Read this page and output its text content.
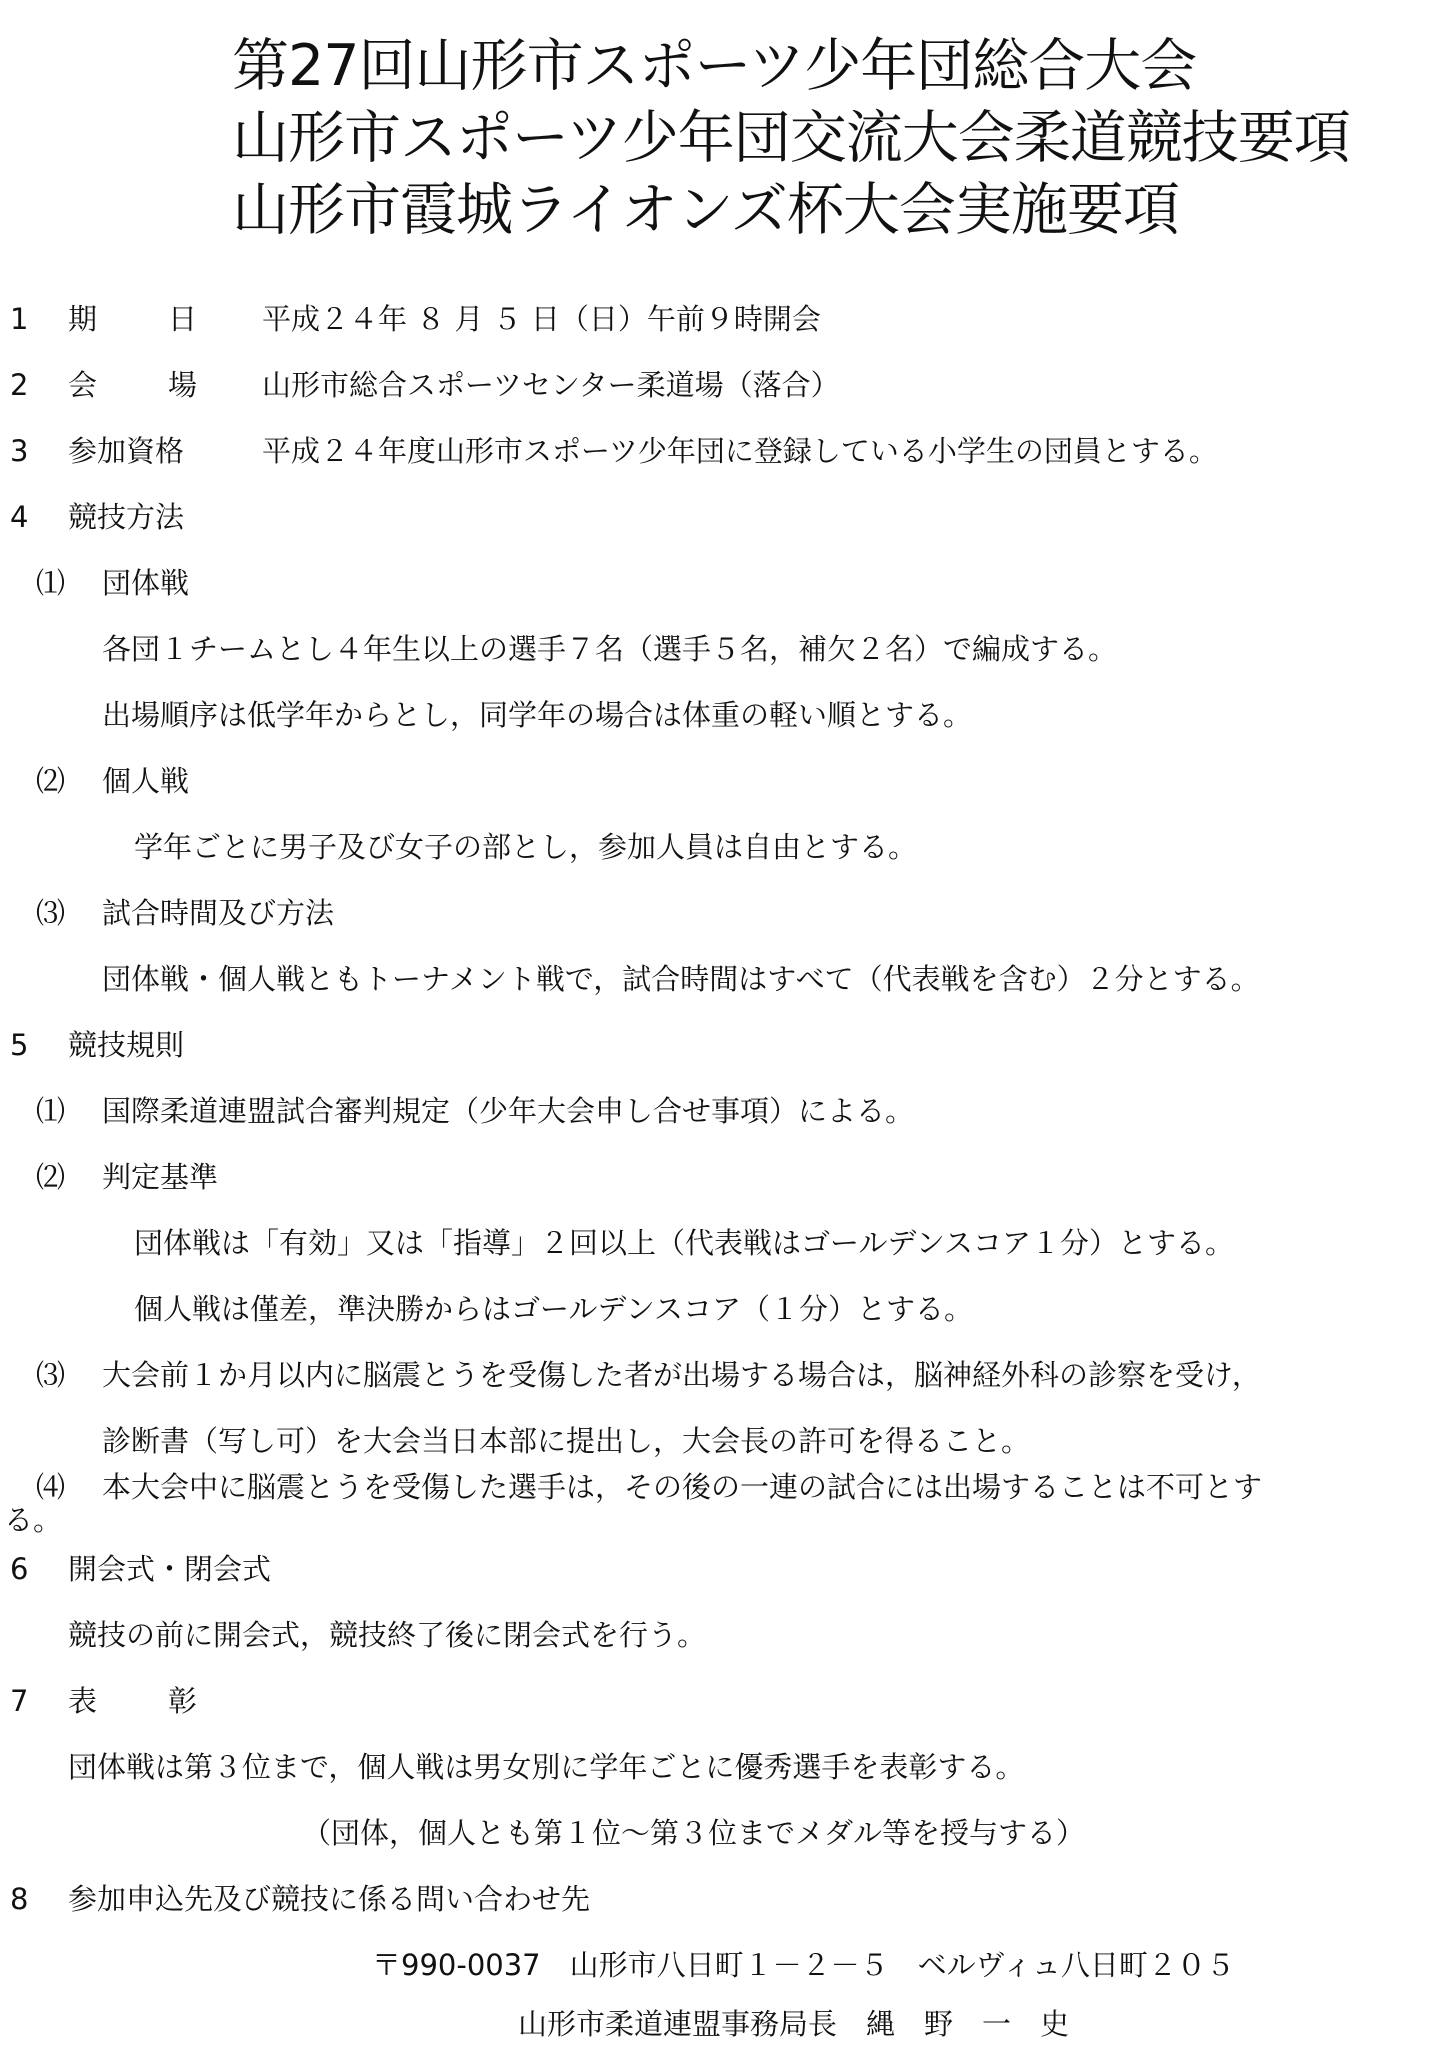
第27回山形市スポーツ少年団総合大会
山形市スポーツ少年団交流大会柔道競技要項
山形市霞城ライオンズ杯大会実施要項
1 期 日 平成２４年 ８ 月 ５ 日（日）午前９時開会
2 会 場 山形市総合スポーツセンター柔道場（落合）
3 参加資格	平成２４年度山形市スポーツ少年団に登録している小学生の団員とする。
4 競技方法
⑴ 団体戦
各団１チームとし４年生以上の選手７名（選手５名，補欠２名）で編成する。
出場順序は低学年からとし，同学年の場合は体重の軽い順とする。
⑵ 個人戦
学年ごとに男子及び女子の部とし，参加人員は自由とする。
⑶ 試合時間及び方法
団体戦・個人戦ともトーナメント戦で，試合時間はすべて（代表戦を含む）２分とする。
5 競技規則
⑴ 国際柔道連盟試合審判規定（少年大会申し合せ事項）による。
⑵ 判定基準
団体戦は「有効」又は「指導」２回以上（代表戦はゴールデンスコア１分）とする。
個人戦は僅差，準決勝からはゴールデンスコア（１分）とする。
⑶ 大会前１か月以内に脳震とうを受傷した者が出場する場合は，脳神経外科の診察を受け，
診断書（写し可）を大会当日本部に提出し，大会長の許可を得ること。
⑷ 本大会中に脳震とうを受傷した選手は，その後の一連の試合には出場することは不可とす
る。
6 開会式・閉会式
競技の前に開会式，競技終了後に閉会式を行う。
7 表 彰
団体戦は第３位まで，個人戦は男女別に学年ごとに優秀選手を表彰する。
（団体，個人とも第１位～第３位までメダル等を授与する）
8 参加申込先及び競技に係る問い合わせ先
〒990-0037　山形市八日町１－２－５　ベルヴィュ八日町２０５
山形市柔道連盟事務局長　縄　野　一　史
